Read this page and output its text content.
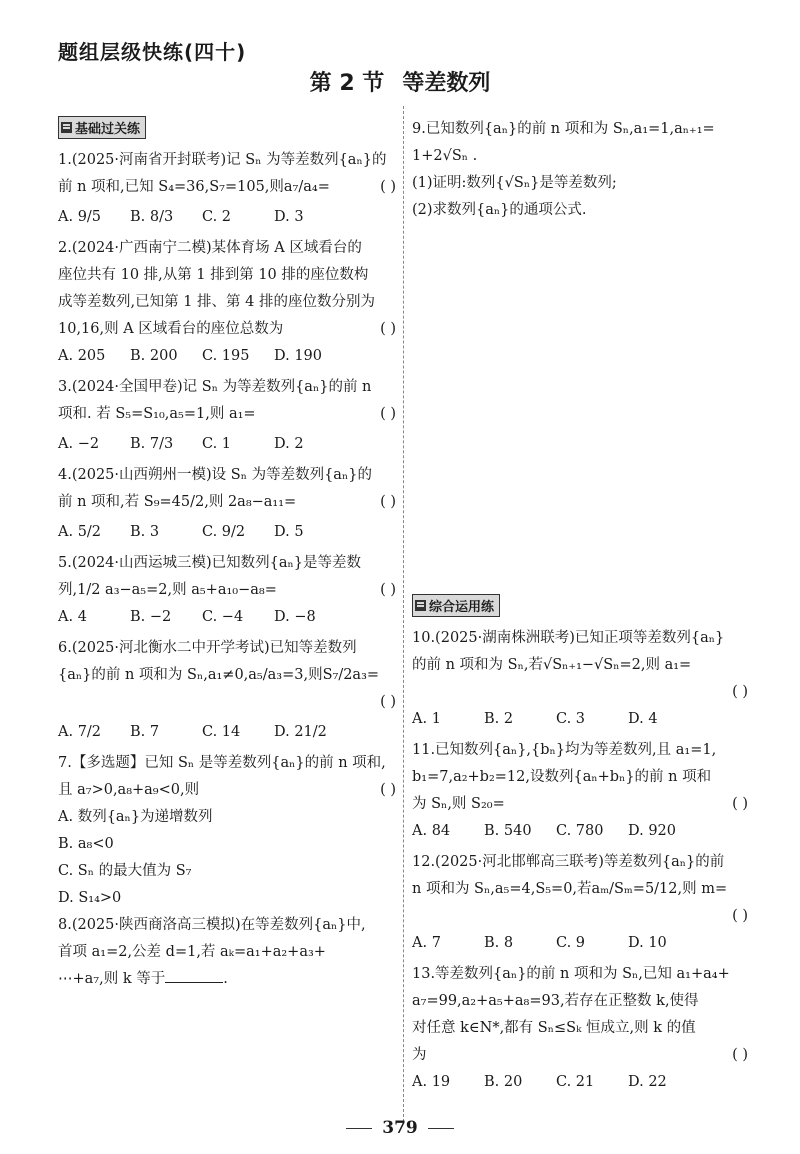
题组层级快练(四十)
第 2 节 等差数列
基础过关练
1.(2025·河南省开封联考)记 Sₙ 为等差数列{aₙ}的
前 n 项和,已知 S₄=36,S₇=105,则a₇/a₄=	( )
A. 9/5	B. 8/3	C. 2	D. 3
2.(2024·广西南宁二模)某体育场 A 区域看台的
座位共有 10 排,从第 1 排到第 10 排的座位数构
成等差数列,已知第 1 排、第 4 排的座位数分别为
10,16,则 A 区域看台的座位总数为	( )
A. 205	B. 200	C. 195	D. 190
3.(2024·全国甲卷)记 Sₙ 为等差数列{aₙ}的前 n
项和. 若 S₅=S₁₀,a₅=1,则 a₁=	( )
A. −2	B. 7/3	C. 1	D. 2
4.(2025·山西朔州一模)设 Sₙ 为等差数列{aₙ}的
前 n 项和,若 S₉=45/2,则 2a₈−a₁₁=	( )
A. 5/2	B. 3	C. 9/2	D. 5
5.(2024·山西运城三模)已知数列{aₙ}是等差数
列,1/2 a₃−a₅=2,则 a₅+a₁₀−a₈=	( )
A. 4	B. −2	C. −4	D. −8
6.(2025·河北衡水二中开学考试)已知等差数列
{aₙ}的前 n 项和为 Sₙ,a₁≠0,a₅/a₃=3,则S₇/2a₃=
( )
A. 7/2	B. 7	C. 14	D. 21/2
7.【多选题】已知 Sₙ 是等差数列{aₙ}的前 n 项和,
且 a₇>0,a₈+a₉<0,则	( )
A. 数列{aₙ}为递增数列
B. a₈<0
C. Sₙ 的最大值为 S₇
D. S₁₄>0
8.(2025·陕西商洛高三模拟)在等差数列{aₙ}中,
首项 a₁=2,公差 d=1,若 aₖ=a₁+a₂+a₃+
⋯+a₇,则 k 等于	.
9.已知数列{aₙ}的前 n 项和为 Sₙ,a₁=1,aₙ₊₁=
1+2√Sₙ .
(1)证明:数列{√Sₙ}是等差数列;
(2)求数列{aₙ}的通项公式.
综合运用练
10.(2025·湖南株洲联考)已知正项等差数列{aₙ}
的前 n 项和为 Sₙ,若√Sₙ₊₁−√Sₙ=2,则 a₁=
( )
A. 1	B. 2	C. 3	D. 4
11.已知数列{aₙ},{bₙ}均为等差数列,且 a₁=1,
b₁=7,a₂+b₂=12,设数列{aₙ+bₙ}的前 n 项和
为 Sₙ,则 S₂₀=	( )
A. 84	B. 540	C. 780	D. 920
12.(2025·河北邯郸高三联考)等差数列{aₙ}的前
n 项和为 Sₙ,a₅=4,S₅=0,若aₘ/Sₘ=5/12,则 m=
( )
A. 7	B. 8	C. 9	D. 10
13.等差数列{aₙ}的前 n 项和为 Sₙ,已知 a₁+a₄+
a₇=99,a₂+a₅+a₈=93,若存在正整数 k,使得
对任意 k∈N*,都有 Sₙ≤Sₖ 恒成立,则 k 的值
为	( )
A. 19	B. 20	C. 21	D. 22
379
